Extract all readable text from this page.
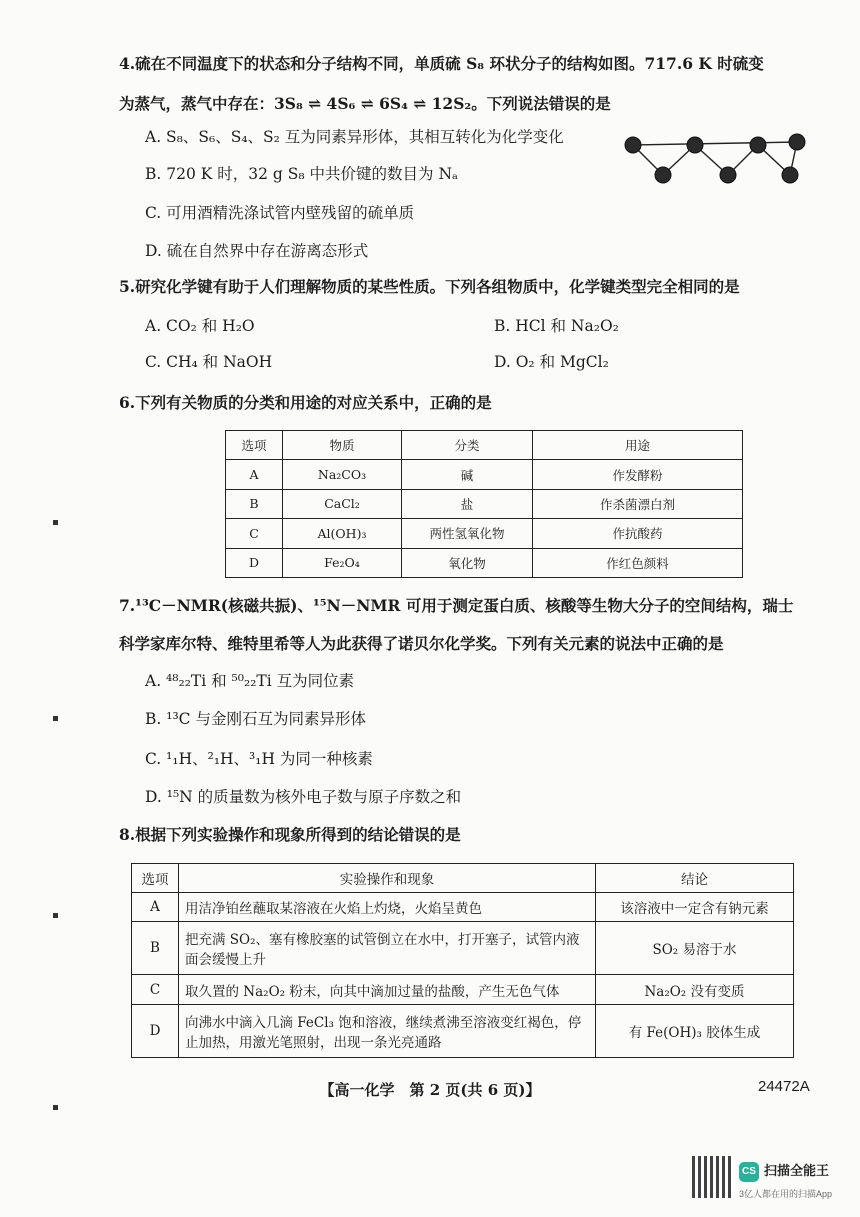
4.硫在不同温度下的状态和分子结构不同，单质硫 S₈ 环状分子的结构如图。717.6 K 时硫变
为蒸气，蒸气中存在：3S₈ ⇌ 4S₆ ⇌ 6S₄ ⇌ 12S₂。下列说法错误的是
A. S₈、S₆、S₄、S₂ 互为同素异形体，其相互转化为化学变化
B. 720 K 时，32 g S₈ 中共价键的数目为 Nₐ
C. 可用酒精洗涤试管内壁残留的硫单质
D. 硫在自然界中存在游离态形式
5.研究化学键有助于人们理解物质的某些性质。下列各组物质中，化学键类型完全相同的是
A. CO₂ 和 H₂O	B. HCl 和 Na₂O₂
C. CH₄ 和 NaOH	D. O₂ 和 MgCl₂
6.下列有关物质的分类和用途的对应关系中，正确的是
选项	物质	分类	用途
A	Na₂CO₃	碱	作发酵粉
B	CaCl₂	盐	作杀菌漂白剂
C	Al(OH)₃	两性氢氧化物	作抗酸药
D	Fe₂O₄	氧化物	作红色颜料
7.¹³C－NMR(核磁共振)、¹⁵N－NMR 可用于测定蛋白质、核酸等生物大分子的空间结构，瑞士
科学家库尔特、维特里希等人为此获得了诺贝尔化学奖。下列有关元素的说法中正确的是
A. ⁴⁸₂₂Ti 和 ⁵⁰₂₂Ti 互为同位素
B. ¹³C 与金刚石互为同素异形体
C. ¹₁H、²₁H、³₁H 为同一种核素
D. ¹⁵N 的质量数为核外电子数与原子序数之和
8.根据下列实验操作和现象所得到的结论错误的是
选项	实验操作和现象	结论
A	用洁净铂丝蘸取某溶液在火焰上灼烧，火焰呈黄色	该溶液中一定含有钠元素
B	把充满 SO₂、塞有橡胶塞的试管倒立在水中，打开塞子，试管内液面会缓慢上升	SO₂ 易溶于水
C	取久置的 Na₂O₂ 粉末，向其中滴加过量的盐酸，产生无色气体	Na₂O₂ 没有变质
D	向沸水中滴入几滴 FeCl₃ 饱和溶液，继续煮沸至溶液变红褐色，停止加热，用激光笔照射，出现一条光亮通路	有 Fe(OH)₃ 胶体生成
【高一化学　第 2 页(共 6 页)】	24472A
CS 扫描全能王
3亿人都在用的扫描App
